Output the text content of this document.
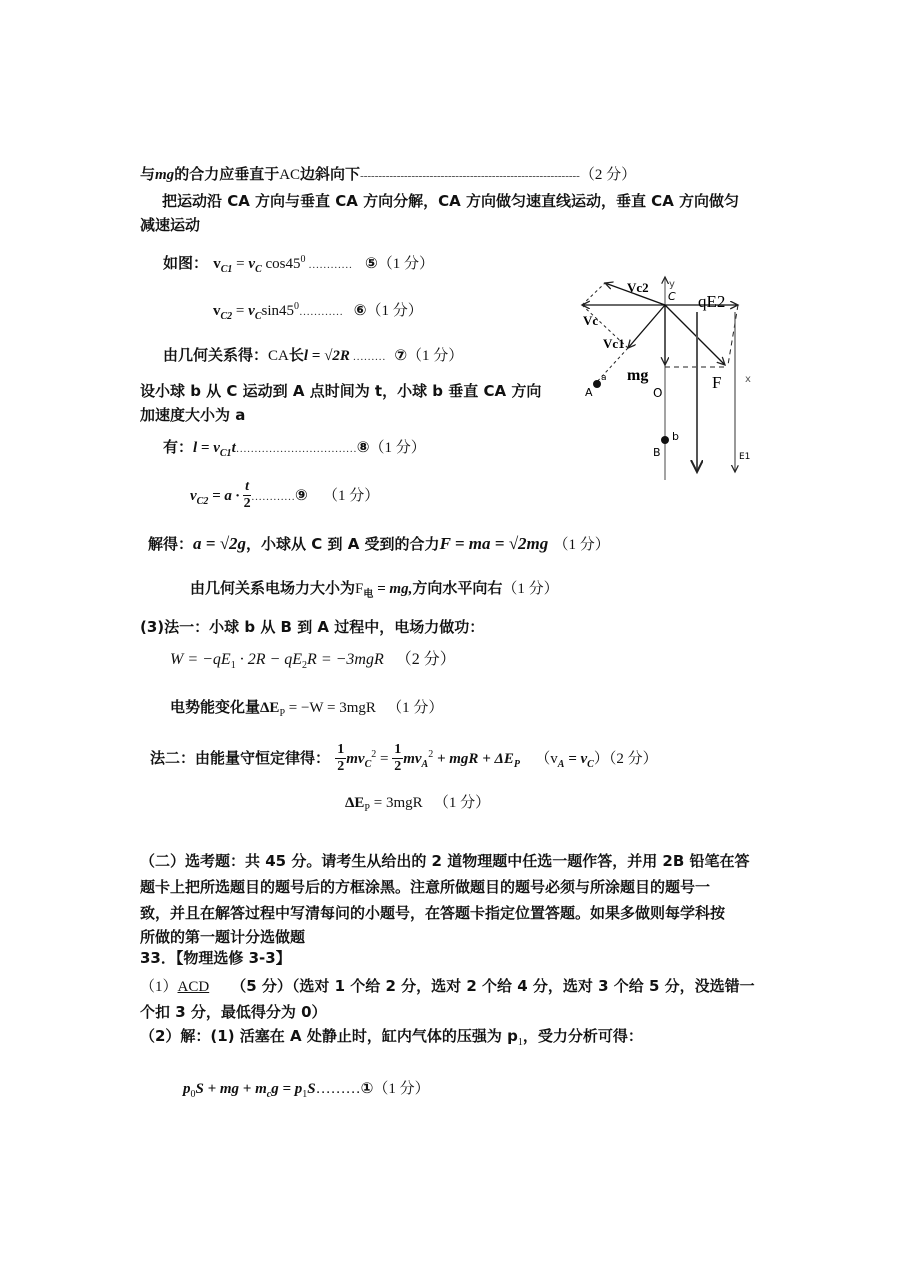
与mg的合力应垂直于AC边斜向下------------------------------------------------------------（2 分）
把运动沿 CA 方向与垂直 CA 方向分解，CA 方向做匀速直线运动，垂直 CA 方向做匀
减速运动
如图： $v_{C1} = v_C$ $\cos 45^0$ ………… ⑤（1 分）
$v_{C2}$ = $v_C\sin 45^0\dots\dots\dots\dots$ ⑥（1 分）
由几何关系得：CA长l = √2R ……… ⑦（1 分）
设小球 b 从 C 运动到 A 点时间为 t，小球 b 垂直 CA 方向
加速度大小为 a
有：$l = v_{C1}t\dots\dots\dots\dots\dots\dots\dots\dots\dots\dots\dots ⑧(1$ 分）
$v_{C2} = a \cdot \frac{t}{2}$ …………⑨ （1 分）
解得：a = √2g，小球从 C 到 A 受到的合力F = ma = √2mg （1 分）
由几何关系电场力大小为$F_电$ = mg,方向水平向右（1 分）
(3)法一：小球 b 从 B 到 A 过程中，电场力做功：
$W = -qE_1 \cdot 2R - qE_2R = -3mgR$ （2 分）
电势能变化量$\Delta E_P = -W = 3mgR$ （1 分）
法二：由能量守恒定律得： $\frac{1}{2} mv_C^2 = \frac{1}{2} mv_A^2$ + mgR + $\Delta E_P$ $(v_A = v_C)(2$ 分）
$\Delta E_P = 3mgR$ （1 分）
（二）选考题：共 45 分。请考生从给出的 2 道物理题中任选一题作答，并用 2B 铅笔在答
题卡上把所选题目的题号后的方框涂黑。注意所做题目的题号必须与所涂题目的题号一
致，并且在解答过程中写清每问的小题号，在答题卡指定位置答题。如果多做则每学科按
所做的第一题计分选做题
33．【物理选修 3-3】
（1）ACD （5 分）（选对 1 个给 2 分，选对 2 个给 4 分，选对 3 个给 5 分，没选错一
个扣 3 分，最低得分为 0）
（2）解：(1) 活塞在 A 处静止时，缸内气体的压强为 $p_1$，受力分析可得：
$p_0S$ + mg + $m_cg$ = $p_1S\dots\dots\dots ①(1$ 分）
Vc2
Vc
Vc1
y
C qE2
mg	F x
O
A
a
B
b
E1
